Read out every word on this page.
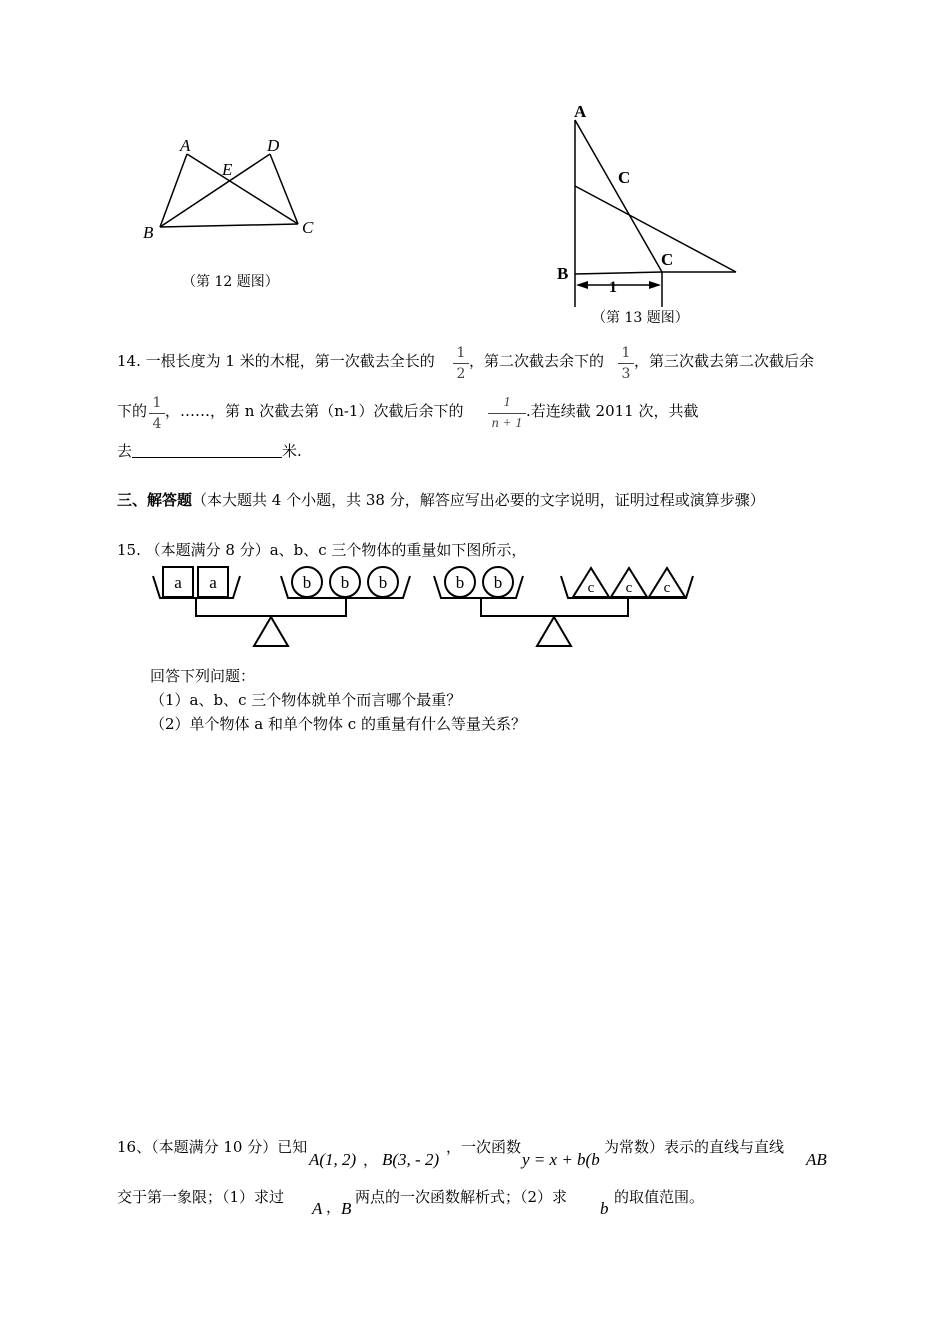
A	D
E
B	C
（第 12 题图）
A
C
B
C
1
（第 13 题图）
14. 一根长度为 1 米的木棍，第一次截去全长的 1
2
，第二次截去余下的 1
3
，第三次截去第二次截后余
下的 1
4
，……，第 n 次截去第（n-1）次截后余下的	1
n + 1
.若连续截 2011 次，共截
去	米.
三、解答题（本大题共 4 个小题，共 38 分，解答应写出必要的文字说明，证明过程或演算步骤）
15. （本题满分 8 分）a、b、c 三个物体的重量如下图所示，
a a	b b b	b b	c c c
回答下列问题：
（1）a、b、c 三个物体就单个而言哪个最重？
（2）单个物体 a 和单个物体 c 的重量有什么等量关系？
16、（本题满分 10 分）已知
A(1, 2) ， B(3, - 2)
，一次函数
y = x + b(b
为常数）表示的直线与直线
AB
交于第一象限；（1）求过
A ， B
两点的一次函数解析式；（2）求
b
的取值范围。
